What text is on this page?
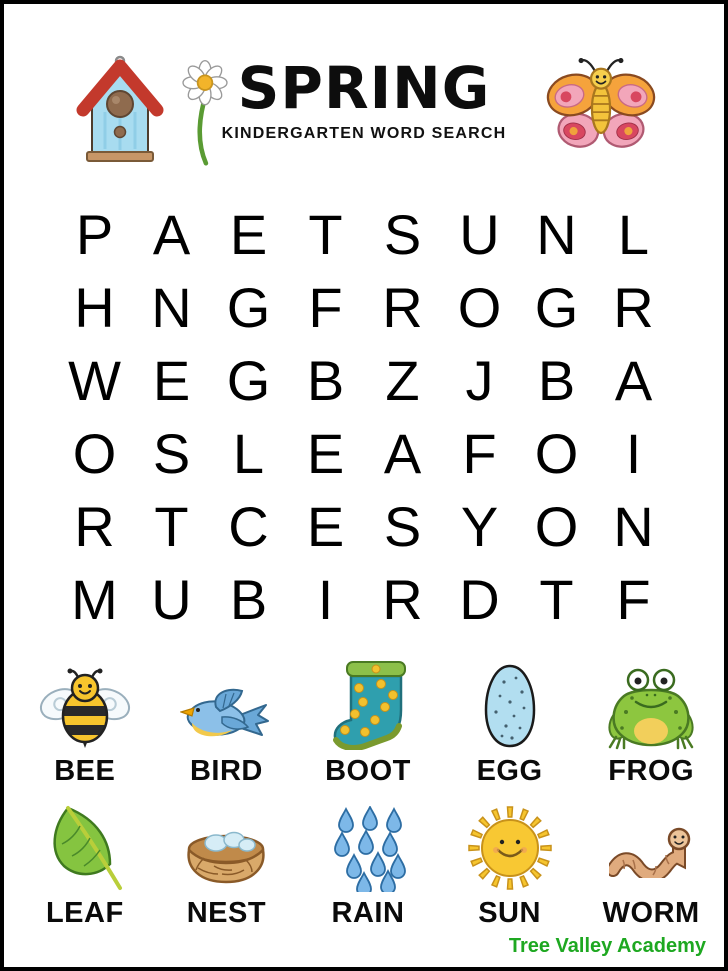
SPRING
KINDERGARTEN WORD SEARCH
P A E T S U N L
H N G F R O G R
W E G B Z J B A
O S L E A F O I
R T C E S Y O N
M U B I R D T F
BEE	BIRD BOOT EGG FROG
LEAF NEST RAIN	SUN WORM
Tree Valley Academy
